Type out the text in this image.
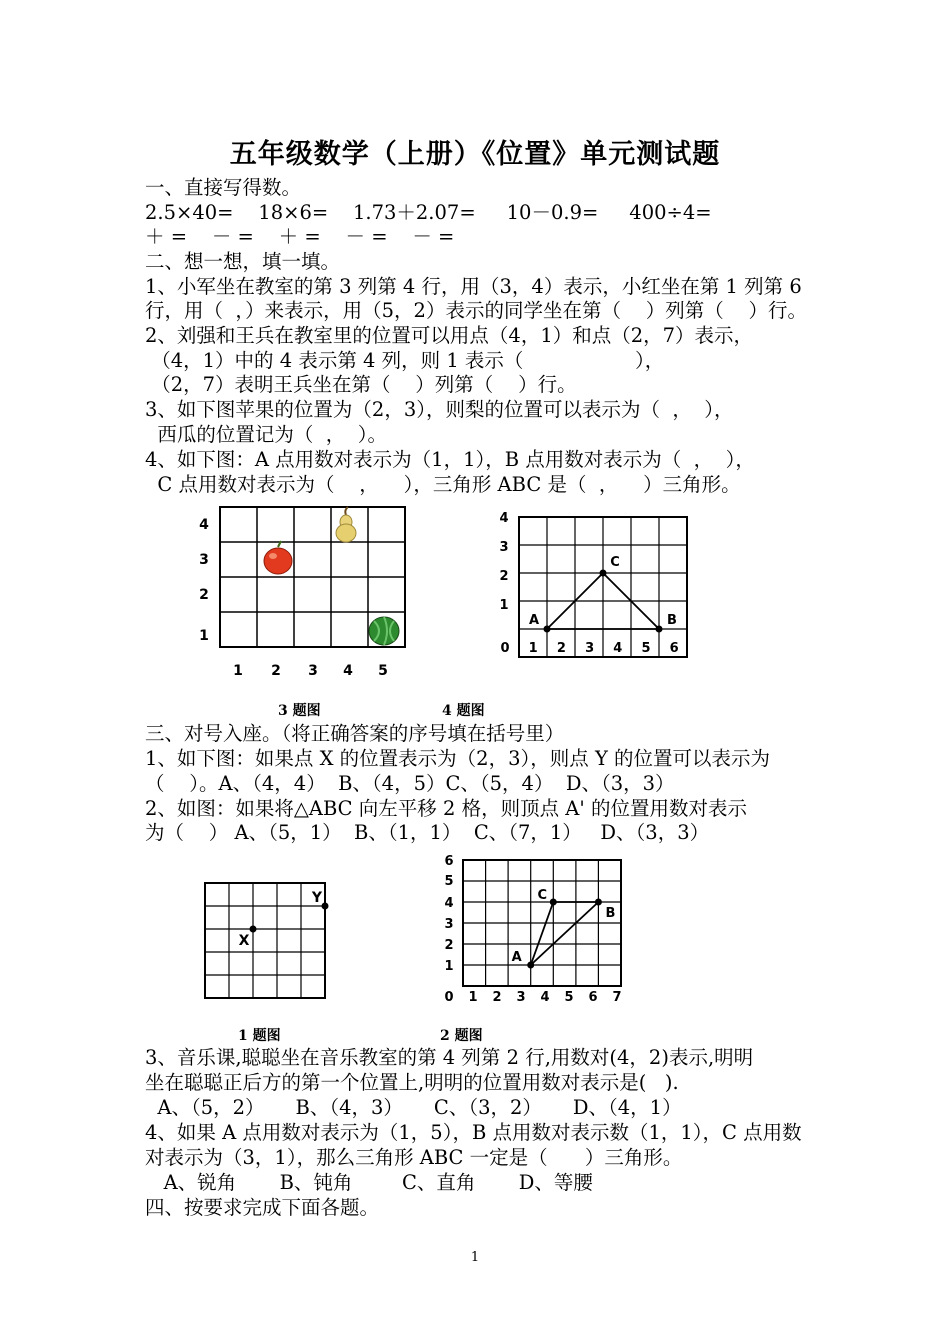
五年级数学（上册）《位置》单元测试题
一、直接写得数。
2.5×40=    18×6=    1.73＋2.07=     10－0.9=     400÷4=
＋ =    － =    ＋ =    － =    － =
二、想一想，填一填。
1、小军坐在教室的第 3 列第 4 行，用（3，4）表示，小红坐在第 1 列第 6
行，用（  ，）来表示，用（5，2）表示的同学坐在第（    ）列第（    ）行。
2、刘强和王兵在教室里的位置可以用点（4，1）和点（2，7）表示，
（4，1）中的 4 表示第 4 列，则 1 表示（                  ），
（2，7）表明王兵坐在第（    ）列第（    ）行。
3、如下图苹果的位置为（2，3），则梨的位置可以表示为（  ，  ），
西瓜的位置记为（  ，  ）。
4、如下图：A 点用数对表示为（1，1），B 点用数对表示为（  ，  ），
C 点用数对表示为（    ，    ），三角形 ABC 是（  ，    ）三角形。
4
3
2
1
1 2 3 4 5
4
3
2
1
0 1 2 3 4 5 6
A	B
C
3 题图	4 题图
三、对号入座。（将正确答案的序号填在括号里）
1、如下图：如果点 X 的位置表示为（2，3），则点 Y 的位置可以表示为
（    ）。A、（4，4）  B、（4，5）C、（5，4）  D、（3，3）
2、如图：如果将△ABC 向左平移 2 格，则顶点 A' 的位置用数对表示
为（    ） A、（5，1）  B、（1，1）  C、（7，1）   D、（3，3）
X
Y
6
5
4
3
2
1
0 1 2 3 4 5 6 7
A
B
C
1 题图	2 题图
3、音乐课,聪聪坐在音乐教室的第 4 列第 2 行,用数对(4，2)表示,明明
坐在聪聪正后方的第一个位置上,明明的位置用数对表示是(   ).
A、（5，2）     B、（4，3）     C、（3，2）     D、（4，1）
4、如果 A 点用数对表示为（1，5），B 点用数对表示数（1，1），C 点用数
对表示为（3，1），那么三角形 ABC 一定是（      ）三角形。
A、锐角       B、钝角        C、直角       D、等腰
四、按要求完成下面各题。
1
